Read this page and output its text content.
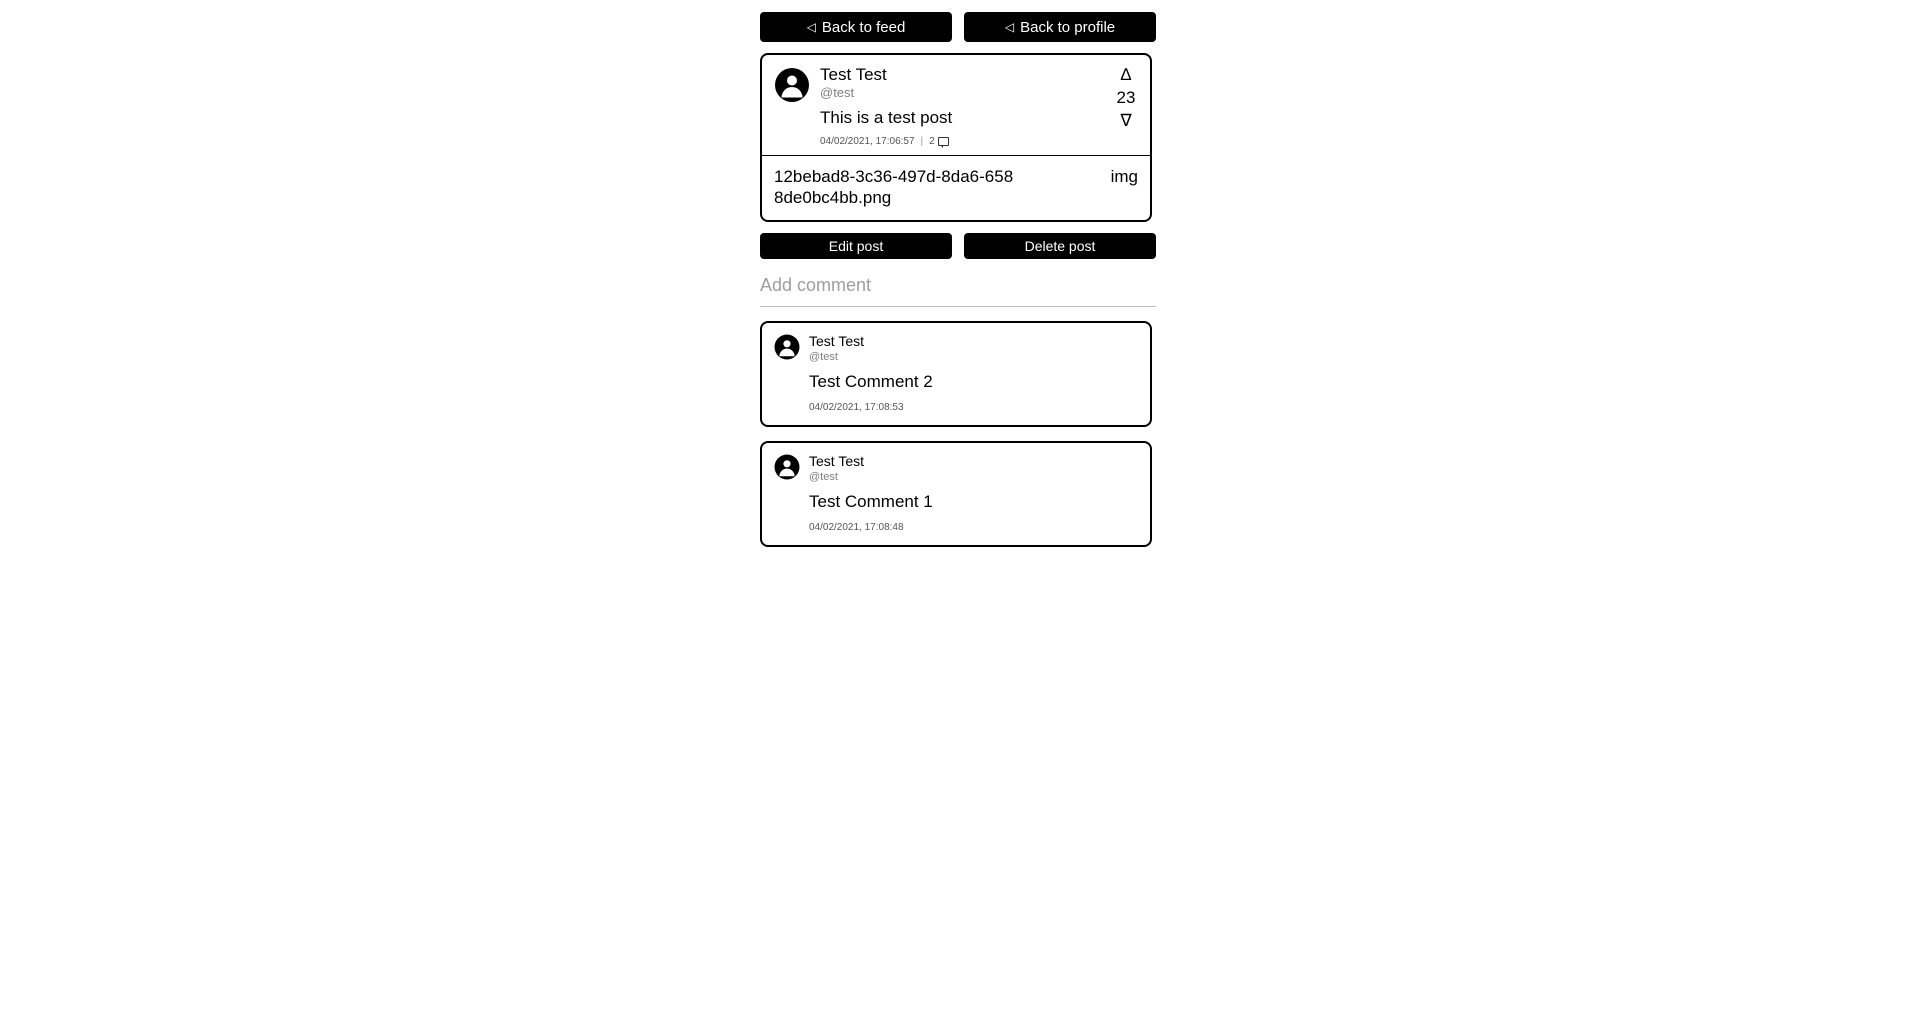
◁ Back to feed	◁ Back to profile
Test Test
@test
This is a test post
04/02/2021, 17:06:57 | 2
∆
23
∇
12bebad8-3c36-497d-8da6-6588de0bc4bb.png
img
Edit post	Delete post
Add comment
Test Test
@test
Test Comment 2
04/02/2021, 17:08:53
Test Test
@test
Test Comment 1
04/02/2021, 17:08:48
